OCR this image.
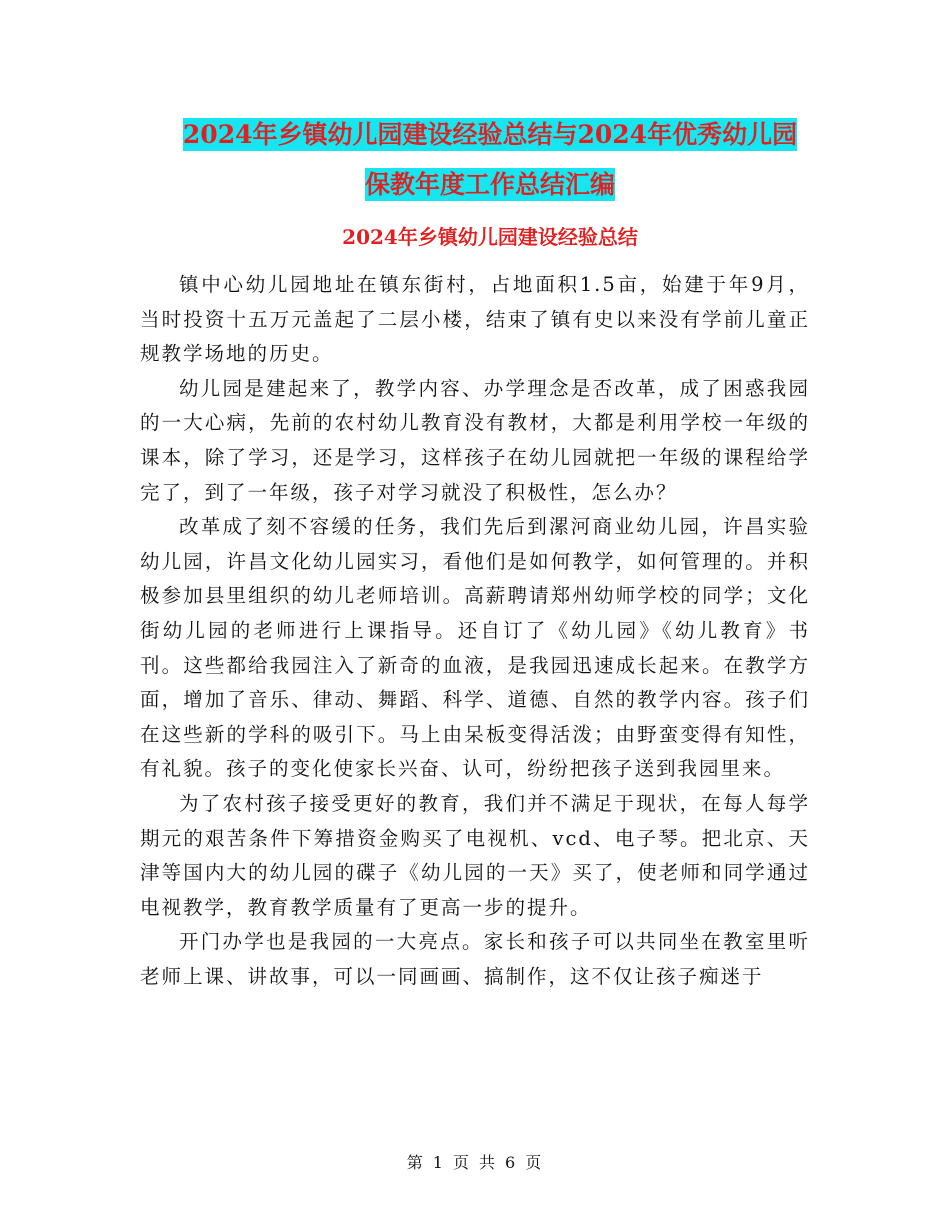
2024年乡镇幼儿园建设经验总结与2024年优秀幼儿园
保教年度工作总结汇编
2024年乡镇幼儿园建设经验总结

镇中心幼儿园地址在镇东街村，占地面积1.5亩，始建于年9月，当时投资十五万元盖起了二层小楼，结束了镇有史以来没有学前儿童正规教学场地的历史。

幼儿园是建起来了，教学内容、办学理念是否改革，成了困惑我园的一大心病，先前的农村幼儿教育没有教材，大都是利用学校一年级的课本，除了学习，还是学习，这样孩子在幼儿园就把一年级的课程给学完了，到了一年级，孩子对学习就没了积极性，怎么办？

改革成了刻不容缓的任务，我们先后到漯河商业幼儿园，许昌实验幼儿园，许昌文化幼儿园实习，看他们是如何教学，如何管理的。并积极参加县里组织的幼儿老师培训。高薪聘请郑州幼师学校的同学；文化街幼儿园的老师进行上课指导。还自订了《幼儿园》《幼儿教育》书刊。这些都给我园注入了新奇的血液，是我园迅速成长起来。在教学方面，增加了音乐、律动、舞蹈、科学、道德、自然的教学内容。孩子们在这些新的学科的吸引下。马上由呆板变得活泼；由野蛮变得有知性，有礼貌。孩子的变化使家长兴奋、认可，纷纷把孩子送到我园里来。

为了农村孩子接受更好的教育，我们并不满足于现状，在每人每学期元的艰苦条件下筹措资金购买了电视机、vcd、电子琴。把北京、天津等国内大的幼儿园的碟子《幼儿园的一天》买了，使老师和同学通过电视教学，教育教学质量有了更高一步的提升。

开门办学也是我园的一大亮点。家长和孩子可以共同坐在教室里听老师上课、讲故事，可以一同画画、搞制作，这不仅让孩子痴迷于

第 1 页 共 6 页
